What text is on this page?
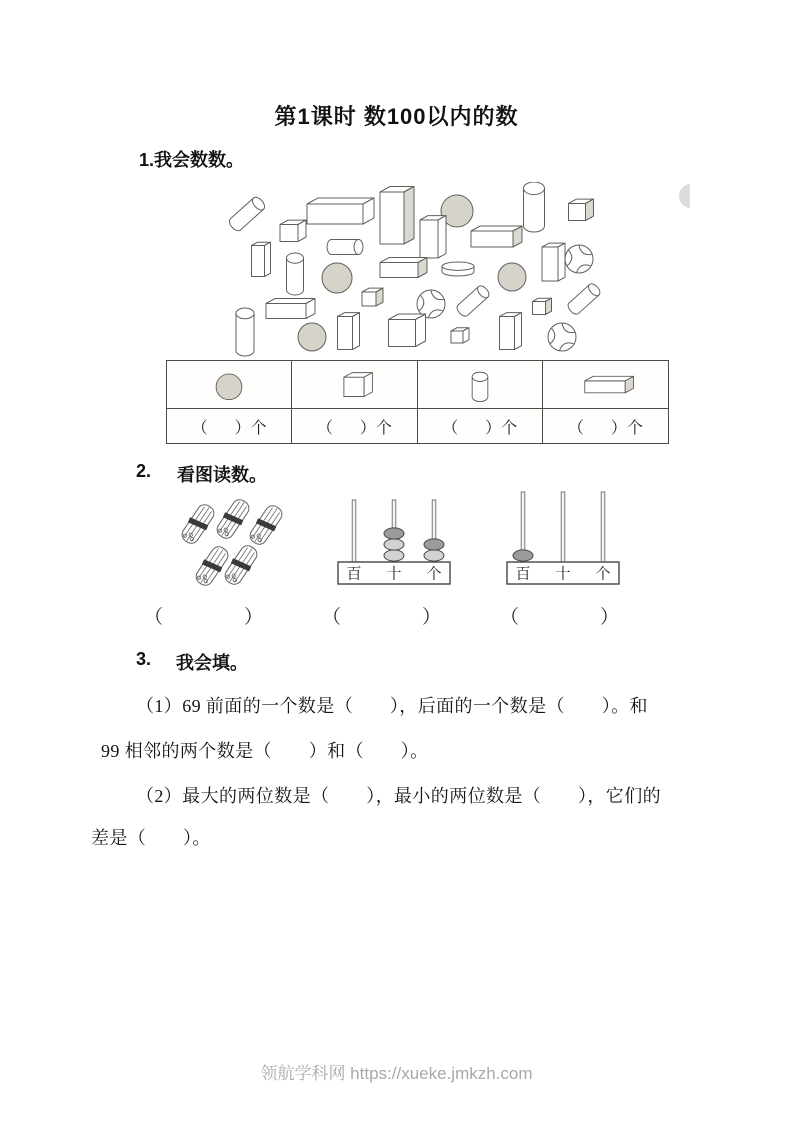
第1课时 数100以内的数
1.我会数数。
（ ）个	（ ）个	（ ）个	（ ）个
2. 看图读数。
百 十 个	百 十 个
（	）	（	）	（	）
3. 我会填。
（1）69 前面的一个数是（　　），后面的一个数是（　　）。和
99 相邻的两个数是（　　）和（　　）。
（2）最大的两位数是（　　），最小的两位数是（　　），它们的
差是（　　）。
领航学科网 https://xueke.jmkzh.com
